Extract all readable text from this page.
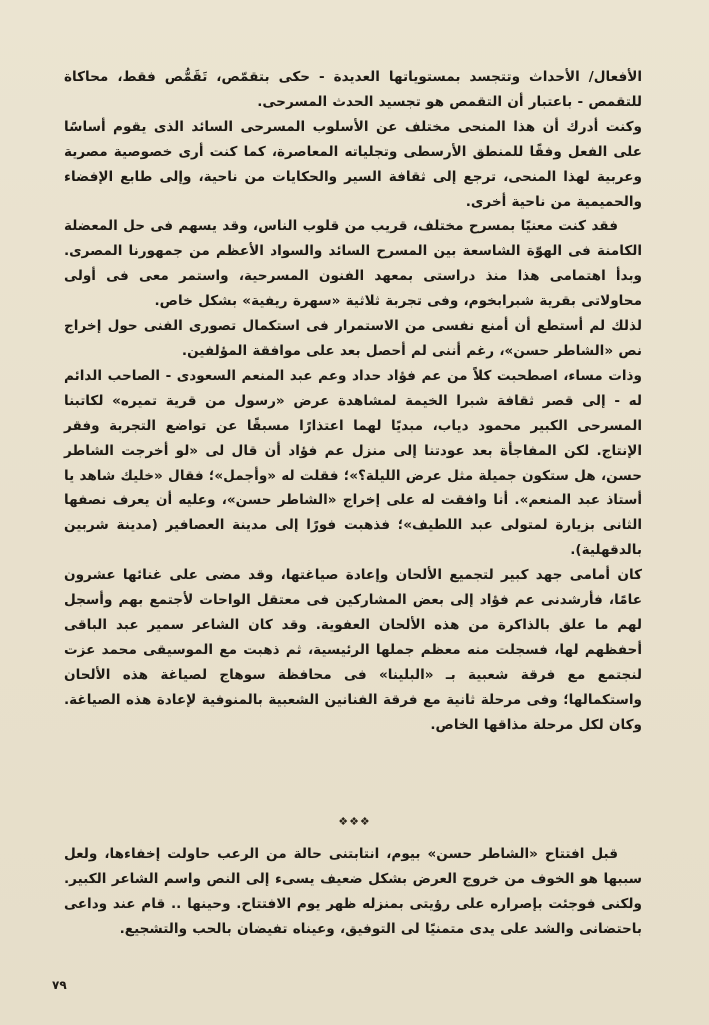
الأفعال/ الأحداث وتتجسد بمستوياتها العديدة - حكى بتقمّص، تَقَمُّص فقط، محاكاة للتقمص - باعتبار أن التقمص هو تجسيد الحدث المسرحى.

وكنت أدرك أن هذا المنحى مختلف عن الأسلوب المسرحى السائد الذى يقوم أساسًا على الفعل وفقًا للمنطق الأرسطى وتجلياته المعاصرة، كما كنت أرى خصوصية مصرية وعربية لهذا المنحى، ترجع إلى ثقافة السير والحكايات من ناحية، وإلى طابع الإفضاء والحميمية من ناحية أخرى.

فقد كنت معنيًا بمسرح مختلف، قريب من قلوب الناس، وقد يسهم فى حل المعضلة الكامنة فى الهوّة الشاسعة بين المسرح السائد والسواد الأعظم من جمهورنا المصرى. وبدأ اهتمامى هذا منذ دراستى بمعهد الفنون المسرحية، واستمر معى فى أولى محاولاتى بقرية شبرابخوم، وفى تجربة ثلاثية «سهرة ريفية» بشكل خاص.

لذلك لم أستطع أن أمنع نفسى من الاستمرار فى استكمال تصورى الفنى حول إخراج نص «الشاطر حسن»، رغم أننى لم أحصل بعد على موافقة المؤلفين.

وذات مساء، اصطحبت كلاً من عم فؤاد حداد وعم عبد المنعم السعودى - الصاحب الدائم له - إلى قصر ثقافة شبرا الخيمة لمشاهدة عرض «رسول من قرية تميره» لكاتبنا المسرحى الكبير محمود دياب، مبديًا لهما اعتذارًا مسبقًا عن تواضع التجربة وفقر الإنتاج. لكن المفاجأة بعد عودتنا إلى منزل عم فؤاد أن قال لى «لو أخرجت الشاطر حسن، هل ستكون جميلة مثل عرض الليلة؟»؛ فقلت له «وأجمل»؛ فقال «خليك شاهد يا أستاذ عبد المنعم». أنا وافقت له على إخراج «الشاطر حسن»، وعليه أن يعرف نصفها الثانى بزيارة لمتولى عبد اللطيف»؛ فذهبت فورًا إلى مدينة العصافير (مدينة شربين بالدقهلية).

كان أمامى جهد كبير لتجميع الألحان وإعادة صياغتها، وقد مضى على غنائها عشرون عامًا، فأرشدنى عم فؤاد إلى بعض المشاركين فى معتقل الواحات لأجتمع بهم وأسجل لهم ما علق بالذاكرة من هذه الألحان العفوية. وقد كان الشاعر سمير عبد الباقى أحفظهم لها، فسجلت منه معظم جملها الرئيسية، ثم ذهبت مع الموسيقى محمد عزت لنجتمع مع فرقة شعبية بـ «البلينا» فى محافظة سوهاج لصياغة هذه الألحان واستكمالها؛ وفى مرحلة ثانية مع فرقة الفنانين الشعبية بالمنوفية لإعادة هذه الصياغة. وكان لكل مرحلة مذاقها الخاص.

❖❖❖

قبل افتتاح «الشاطر حسن» بيوم، انتابتنى حالة من الرعب حاولت إخفاءها، ولعل سببها هو الخوف من خروج العرض بشكل ضعيف يسىء إلى النص واسم الشاعر الكبير. ولكنى فوجئت بإصراره على رؤيتى بمنزله ظهر يوم الافتتاح. وحينها .. قام عند وداعى باحتضانى والشد على يدى متمنيًا لى التوفيق، وعيناه تفيضان بالحب والتشجيع.

٧٩
